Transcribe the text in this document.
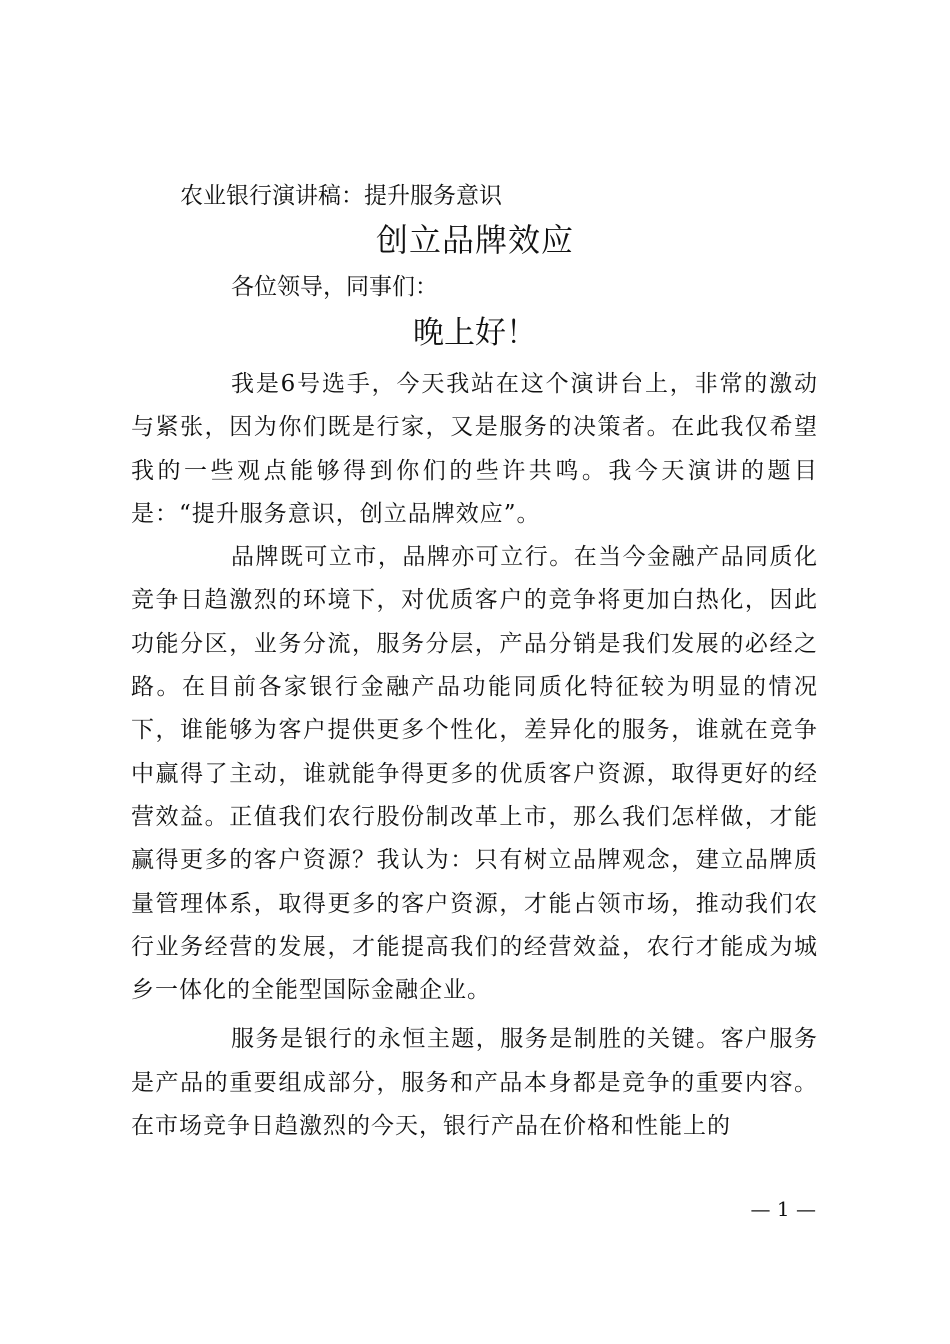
农业银行演讲稿：提升服务意识
创立品牌效应
各位领导，同事们：
晚上好！

我是6号选手，今天我站在这个演讲台上，非常的激动与紧张，因为你们既是行家，又是服务的决策者。在此我仅希望我的一些观点能够得到你们的些许共鸣。我今天演讲的题目是：“提升服务意识，创立品牌效应”。

品牌既可立市，品牌亦可立行。在当今金融产品同质化竞争日趋激烈的环境下，对优质客户的竞争将更加白热化，因此功能分区，业务分流，服务分层，产品分销是我们发展的必经之路。在目前各家银行金融产品功能同质化特征较为明显的情况下，谁能够为客户提供更多个性化，差异化的服务，谁就在竞争中赢得了主动，谁就能争得更多的优质客户资源，取得更好的经营效益。正值我们农行股份制改革上市，那么我们怎样做，才能赢得更多的客户资源？我认为：只有树立品牌观念，建立品牌质量管理体系，取得更多的客户资源，才能占领市场，推动我们农行业务经营的发展，才能提高我们的经营效益，农行才能成为城乡一体化的全能型国际金融企业。

服务是银行的永恒主题，服务是制胜的关键。客户服务是产品的重要组成部分，服务和产品本身都是竞争的重要内容。在市场竞争日趋激烈的今天，银行产品在价格和性能上的

— 1 —
